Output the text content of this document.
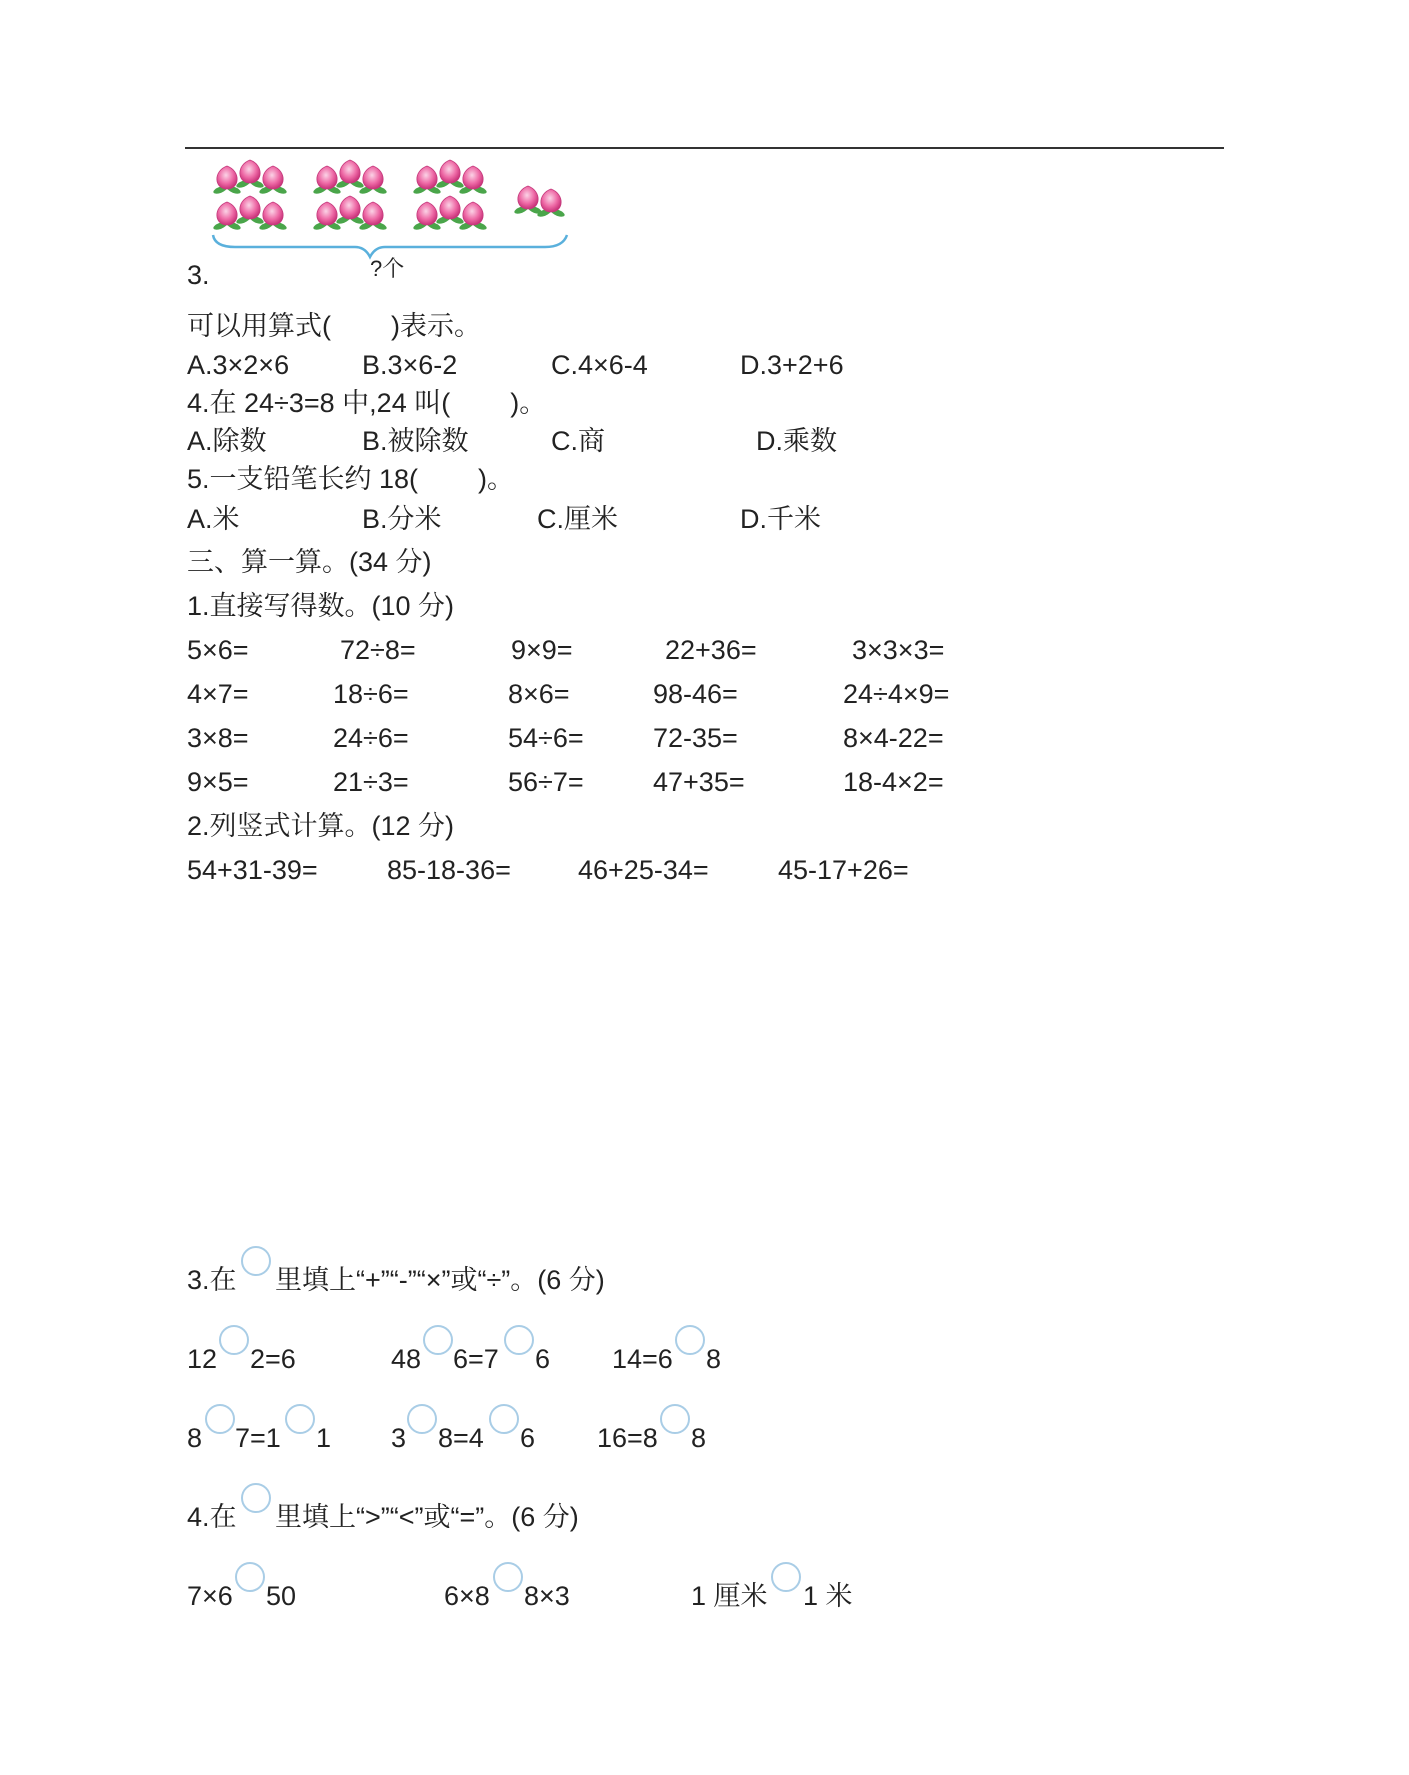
3.	?个
可以用算式(        )表示。
A.3×2×6	B.3×6-2	C.4×6-4	D.3+2+6
4.在 24÷3=8 中,24 叫(        )。
A.除数	B.被除数	C.商	D.乘数
5.一支铅笔长约 18(        )。
A.米	B.分米	C.厘米	D.千米
三、算一算。(34 分)
1.直接写得数。(10 分)
5×6=	72÷8=	9×9=	22+36=	3×3×3=
4×7=	18÷6=	8×6=	98-46=	24÷4×9=
3×8=	24÷6=	54÷6=	72-35=	8×4-22=
9×5=	21÷3=	56÷7=	47+35=	18-4×2=
2.列竖式计算。(12 分)
54+31-39=	85-18-36= 46+25-34=	45-17+26=
3.在 里填上“+”“-”“×”或“÷”。(6 分)
12 2=6	48 6=7 6 14=6 8
8 7=1 1 3 8=4 6 16=8 8
4.在 里填上“>”“<”或“=”。(6 分)
7×6 50	6×8 8×3	1 厘米 1 米
